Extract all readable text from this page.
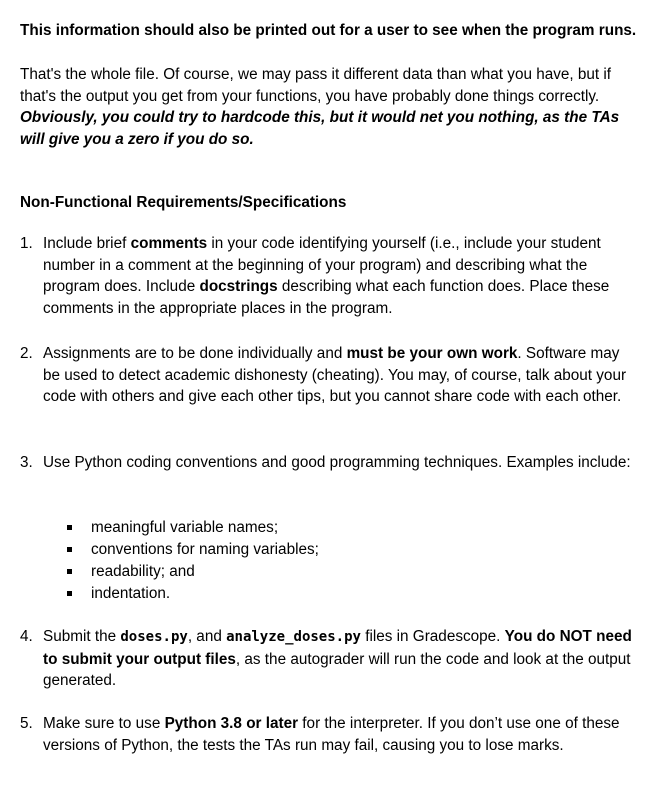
This information should also be printed out for a user to see when the program runs.
That's the whole file. Of course, we may pass it different data than what you have, but if that's the output you get from your functions, you have probably done things correctly. Obviously, you could try to hardcode this, but it would net you nothing, as the TAs will give you a zero if you do so.
Non-Functional Requirements/Specifications
1. Include brief comments in your code identifying yourself (i.e., include your student number in a comment at the beginning of your program) and describing what the program does. Include docstrings describing what each function does. Place these comments in the appropriate places in the program.
2. Assignments are to be done individually and must be your own work. Software may be used to detect academic dishonesty (cheating). You may, of course, talk about your code with others and give each other tips, but you cannot share code with each other.
3. Use Python coding conventions and good programming techniques. Examples include:
meaningful variable names;
conventions for naming variables;
readability; and
indentation.
4. Submit the doses.py, and analyze_doses.py files in Gradescope. You do NOT need to submit your output files, as the autograder will run the code and look at the output generated.
5. Make sure to use Python 3.8 or later for the interpreter. If you don’t use one of these versions of Python, the tests the TAs run may fail, causing you to lose marks.
